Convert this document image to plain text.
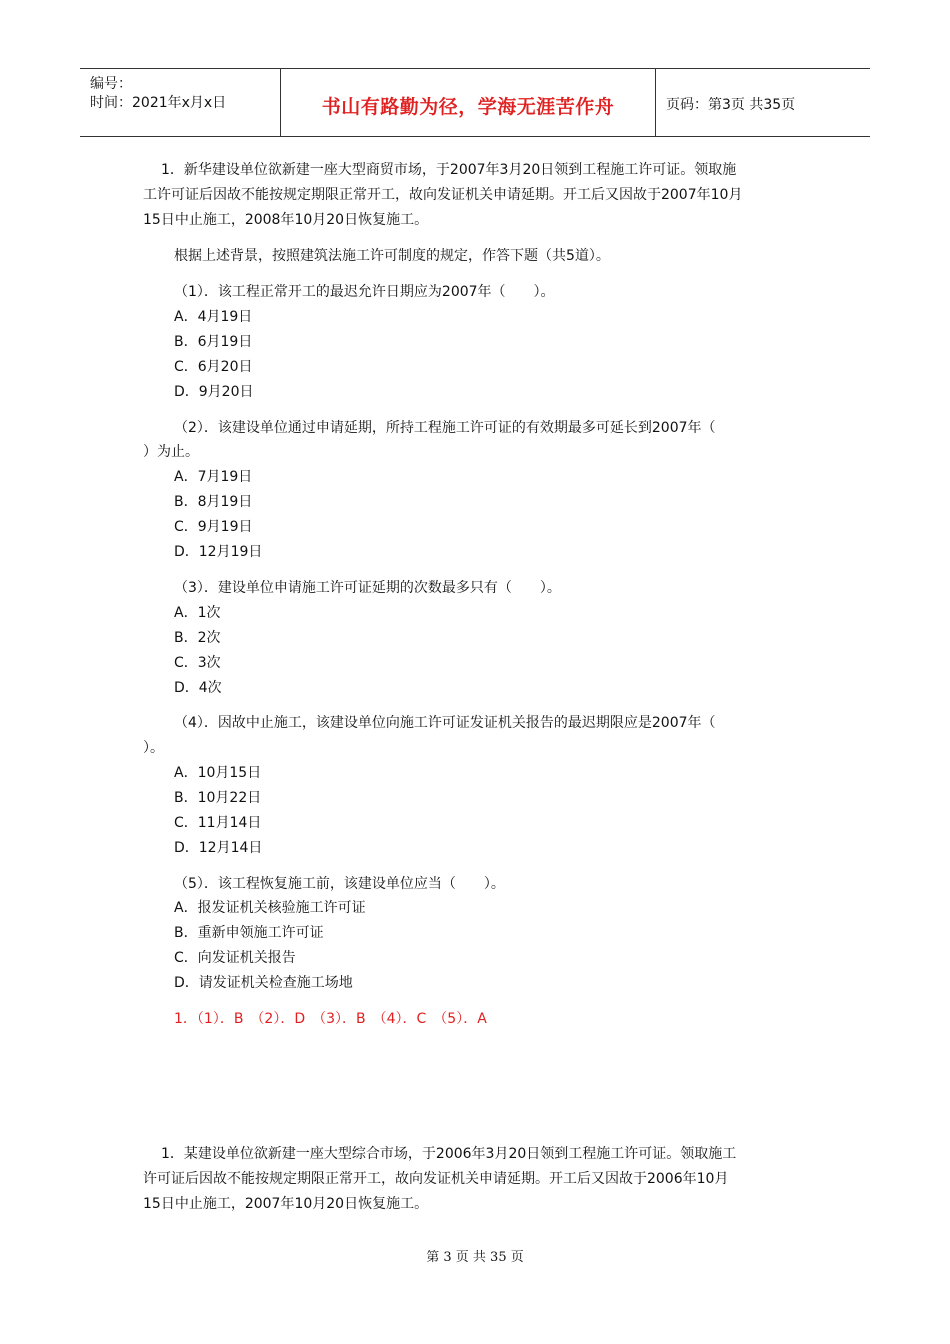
编号：
时间：2021年x月x日	书山有路勤为径，学海无涯苦作舟	页码：第3页 共35页
1．新华建设单位欲新建一座大型商贸市场，于2007年3月20日领到工程施工许可证。领取施
工许可证后因故不能按规定期限正常开工，故向发证机关申请延期。开工后又因故于2007年10月
15日中止施工，2008年10月20日恢复施工。
根据上述背景，按照建筑法施工许可制度的规定，作答下题（共5道）。
（1）．该工程正常开工的最迟允许日期应为2007年（　　）。
A．4月19日
B．6月19日
C．6月20日
D．9月20日
（2）．该建设单位通过申请延期，所持工程施工许可证的有效期最多可延长到2007年（
）为止。
A．7月19日
B．8月19日
C．9月19日
D．12月19日
（3）．建设单位申请施工许可证延期的次数最多只有（　　）。
A．1次
B．2次
C．3次
D．4次
（4）．因故中止施工，该建设单位向施工许可证发证机关报告的最迟期限应是2007年（
）。
A．10月15日
B．10月22日
C．11月14日
D．12月14日
（5）．该工程恢复施工前，该建设单位应当（　　）。
A．报发证机关核验施工许可证
B．重新申领施工许可证
C．向发证机关报告
D．请发证机关检查施工场地
1．（1）．B　（2）．D　（3）．B　（4）．C　（5）．A
1．某建设单位欲新建一座大型综合市场，于2006年3月20日领到工程施工许可证。领取施工
许可证后因故不能按规定期限正常开工，故向发证机关申请延期。开工后又因故于2006年10月
15日中止施工，2007年10月20日恢复施工。
第 3 页 共 35 页
